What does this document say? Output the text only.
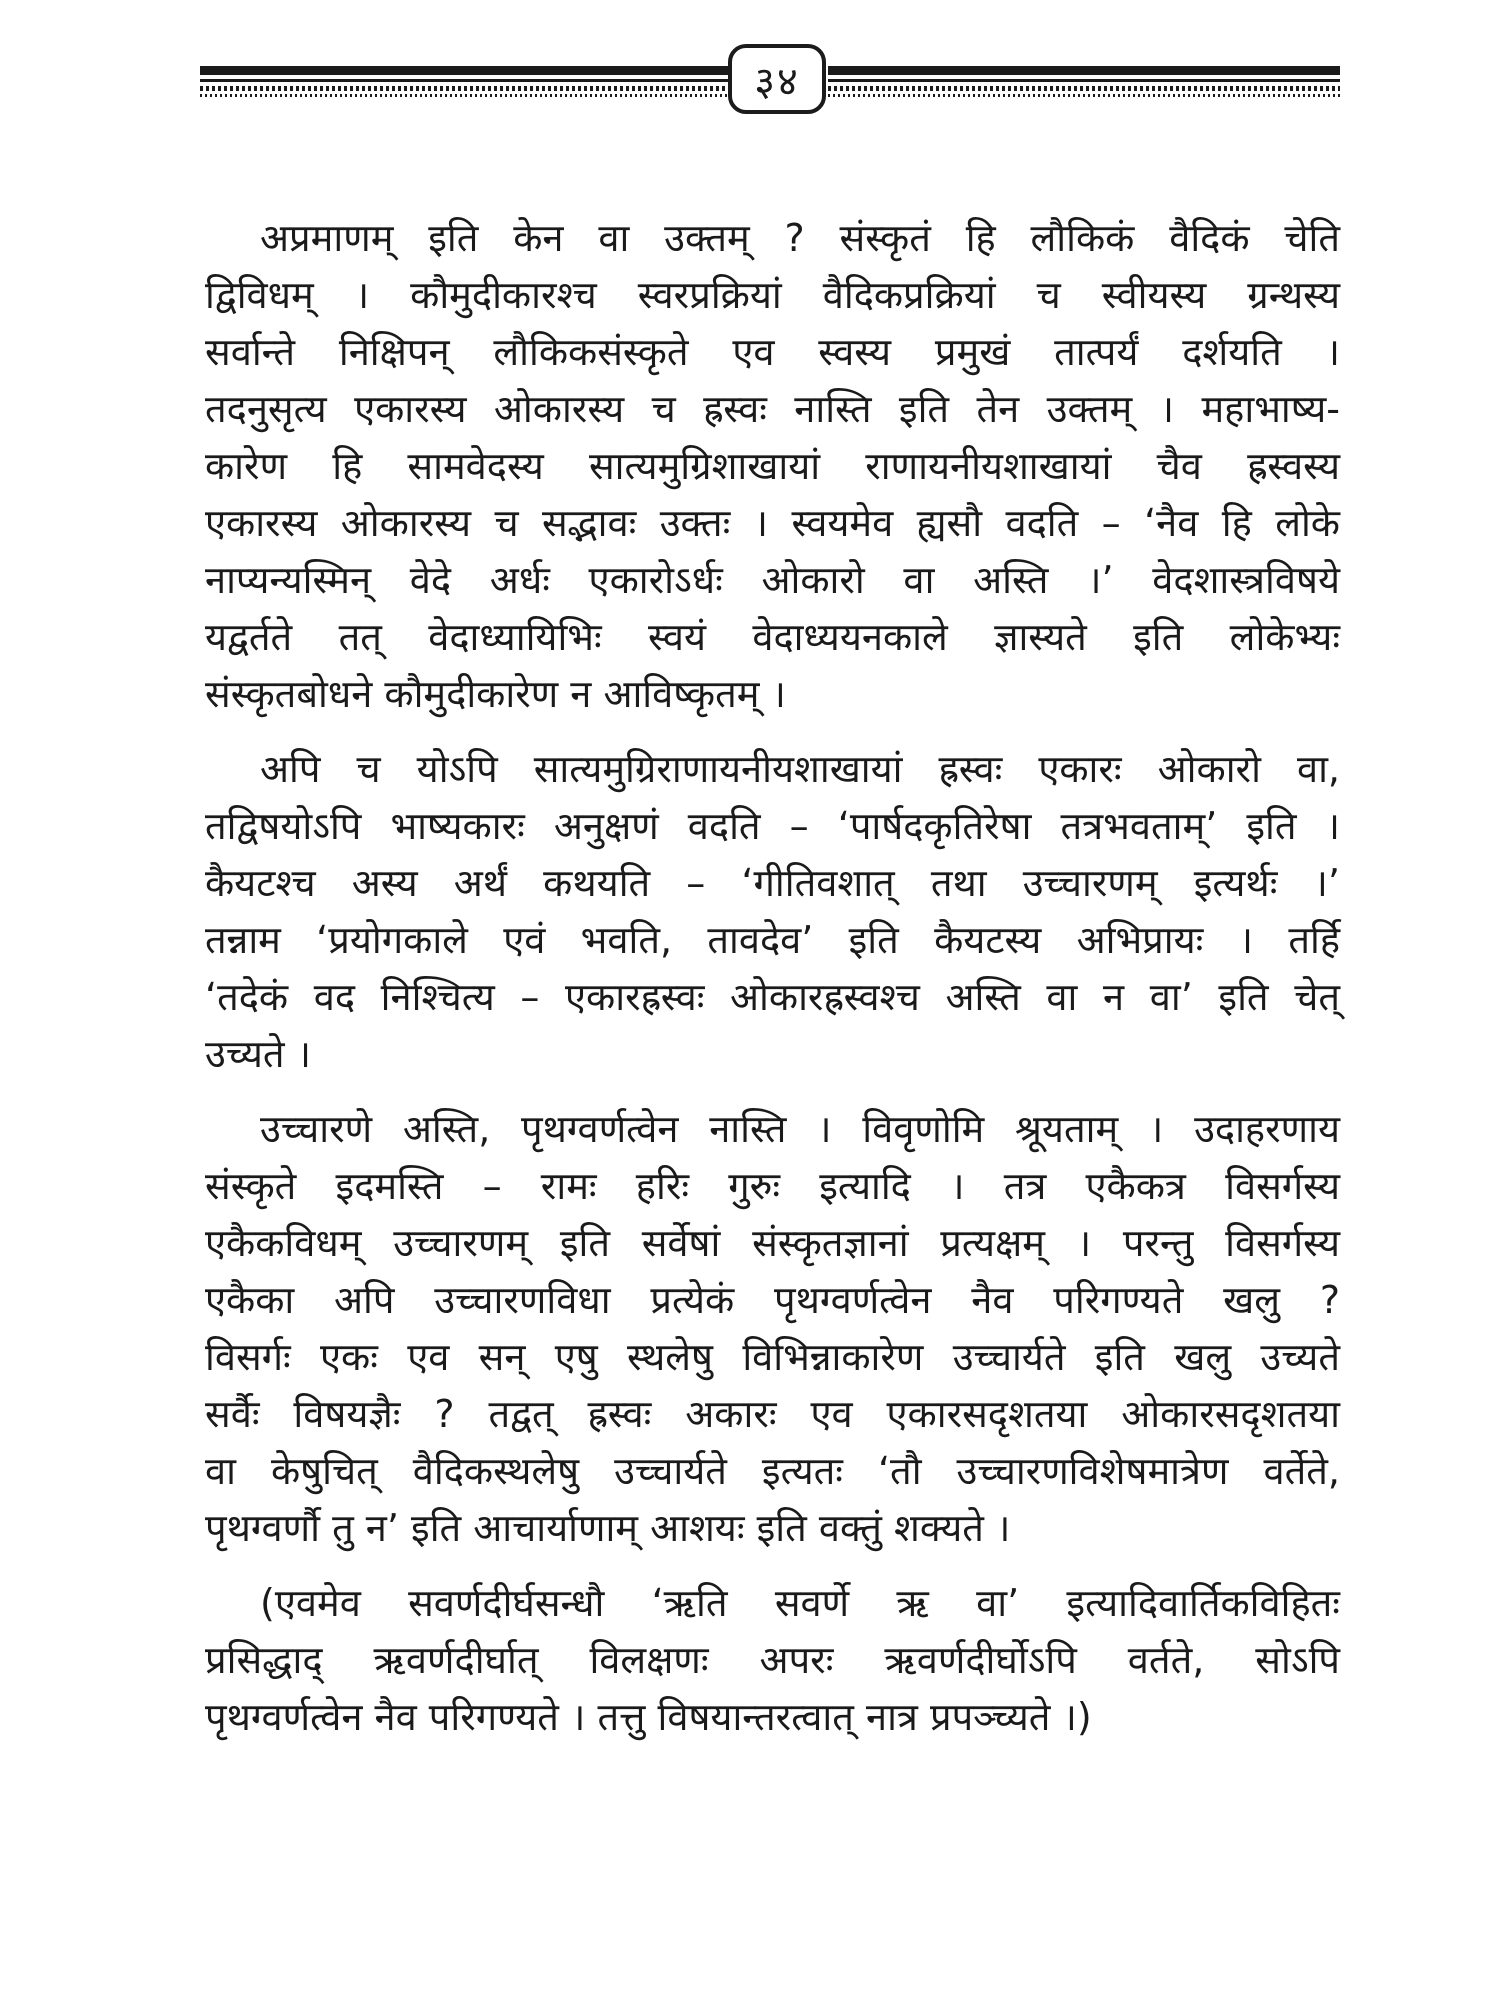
३४
अप्रमाणम् इति केन वा उक्तम् ? संस्कृतं हि लौकिकं वैदिकं चेति
द्विविधम् । कौमुदीकारश्च स्वरप्रक्रियां वैदिकप्रक्रियां च स्वीयस्य ग्रन्थस्य
सर्वान्ते निक्षिपन् लौकिकसंस्कृते एव स्वस्य प्रमुखं तात्पर्यं दर्शयति ।
तदनुसृत्य एकारस्य ओकारस्य च ह्रस्वः नास्ति इति तेन उक्तम् । महाभाष्य-
कारेण हि सामवेदस्य सात्यमुग्रिशाखायां राणायनीयशाखायां चैव ह्रस्वस्य
एकारस्य ओकारस्य च सद्भावः उक्तः । स्वयमेव ह्यसौ वदति – ‘नैव हि लोके
नाप्यन्यस्मिन् वेदे अर्धः एकारोऽर्धः ओकारो वा अस्ति ।’ वेदशास्त्रविषये
यद्वर्तते तत् वेदाध्यायिभिः स्वयं वेदाध्ययनकाले ज्ञास्यते इति लोकेभ्यः
संस्कृतबोधने कौमुदीकारेण न आविष्कृतम् ।
अपि च योऽपि सात्यमुग्रिराणायनीयशाखायां ह्रस्वः एकारः ओकारो वा,
तद्विषयोऽपि भाष्यकारः अनुक्षणं वदति – ‘पार्षदकृतिरेषा तत्रभवताम्’ इति ।
कैयटश्च अस्य अर्थं कथयति – ‘गीतिवशात् तथा उच्चारणम् इत्यर्थः ।’
तन्नाम ‘प्रयोगकाले एवं भवति, तावदेव’ इति कैयटस्य अभिप्रायः । तर्हि
‘तदेकं वद निश्चित्य – एकारह्रस्वः ओकारह्रस्वश्च अस्ति वा न वा’ इति चेत्
उच्यते ।
उच्चारणे अस्ति, पृथग्वर्णत्वेन नास्ति । विवृणोमि श्रूयताम् । उदाहरणाय
संस्कृते इदमस्ति – रामः हरिः गुरुः इत्यादि । तत्र एकैकत्र विसर्गस्य
एकैकविधम् उच्चारणम् इति सर्वेषां संस्कृतज्ञानां प्रत्यक्षम् । परन्तु विसर्गस्य
एकैका अपि उच्चारणविधा प्रत्येकं पृथग्वर्णत्वेन नैव परिगण्यते खलु ?
विसर्गः एकः एव सन् एषु स्थलेषु विभिन्नाकारेण उच्चार्यते इति खलु उच्यते
सर्वैः विषयज्ञैः ? तद्वत् ह्रस्वः अकारः एव एकारसदृशतया ओकारसदृशतया
वा केषुचित् वैदिकस्थलेषु उच्चार्यते इत्यतः ‘तौ उच्चारणविशेषमात्रेण वर्तेते,
पृथग्वर्णौ तु न’ इति आचार्याणाम् आशयः इति वक्तुं शक्यते ।
(एवमेव सवर्णदीर्घसन्धौ ‘ऋति सवर्णे ऋ वा’ इत्यादिवार्तिकविहितः
प्रसिद्धाद् ऋवर्णदीर्घात् विलक्षणः अपरः ऋवर्णदीर्घोऽपि वर्तते, सोऽपि
पृथग्वर्णत्वेन नैव परिगण्यते । तत्तु विषयान्तरत्वात् नात्र प्रपञ्च्यते ।)
